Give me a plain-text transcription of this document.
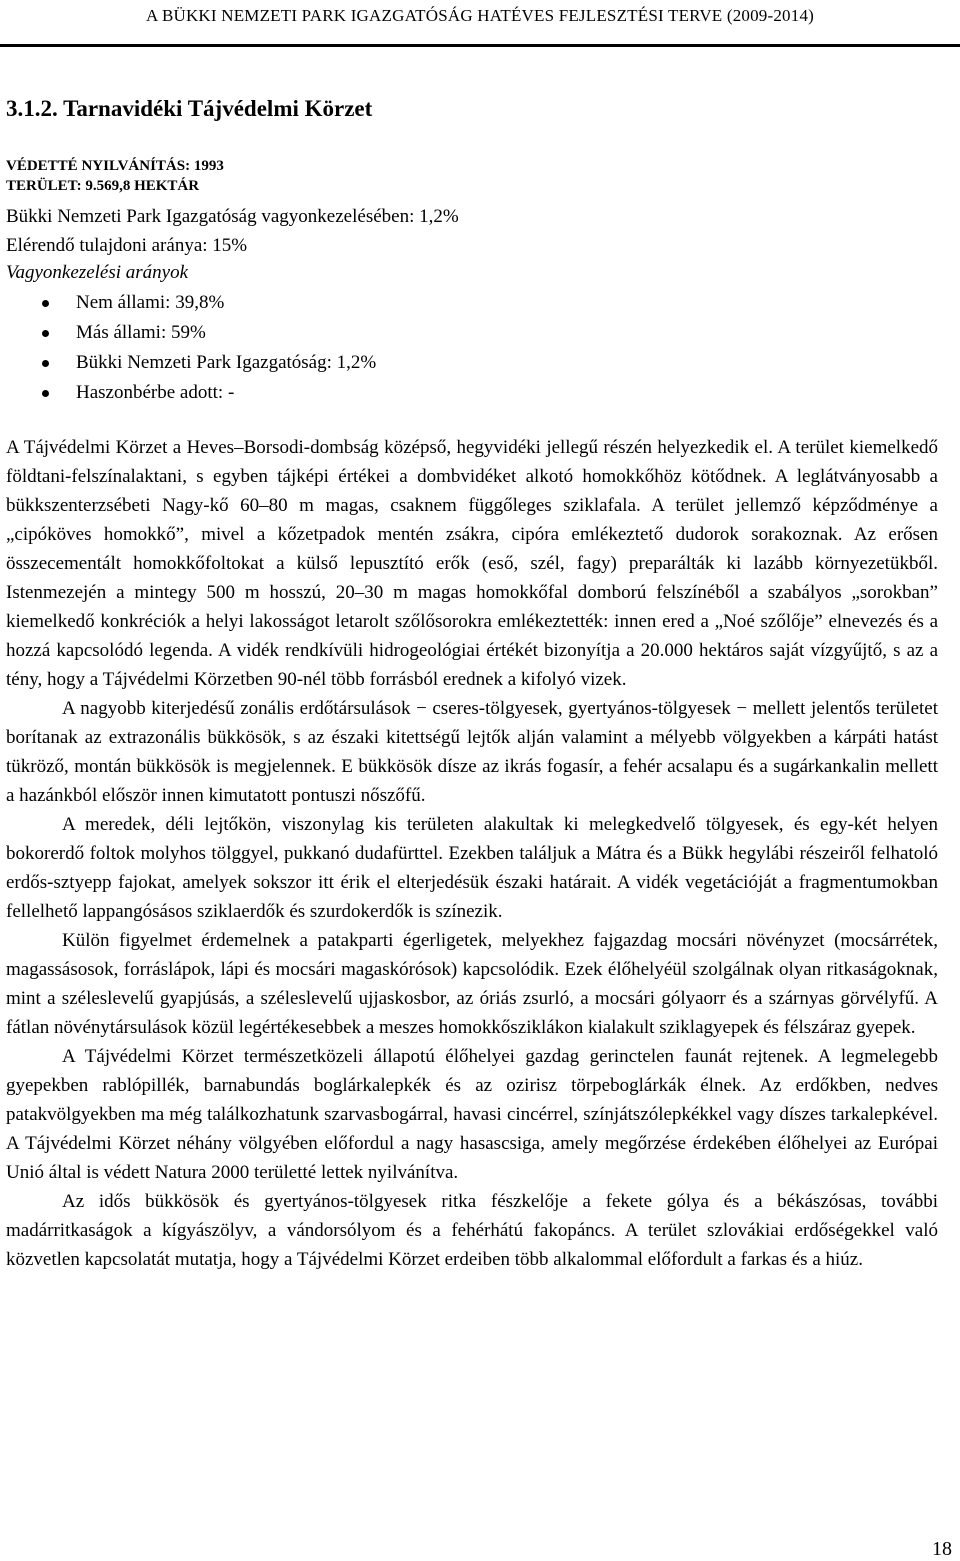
A BÜKKI NEMZETI PARK IGAZGATÓSÁG HATÉVES FEJLESZTÉSI TERVE (2009-2014)
3.1.2. Tarnavidéki Tájvédelmi Körzet
VÉDETTÉ NYILVÁNÍTÁS: 1993
TERÜLET: 9.569,8 HEKTÁR
Bükki Nemzeti Park Igazgatóság vagyonkezelésében: 1,2%
Elérendő tulajdoni aránya: 15%
Vagyonkezelési arányok
Nem állami: 39,8%
Más állami: 59%
Bükki Nemzeti Park Igazgatóság: 1,2%
Haszonbérbe adott: -

A Tájvédelmi Körzet a Heves–Borsodi-dombság középső, hegyvidéki jellegű részén helyezkedik el. A terület kiemelkedő földtani-felszínalaktani, s egyben tájképi értékei a dombvidéket alkotó homokkőhöz kötődnek. A leglátványosabb a bükkszenterzsébeti Nagy-kő 60–80 m magas, csaknem függőleges sziklafala. A terület jellemző képződménye a „cipóköves homokkő”, mivel a kőzetpadok mentén zsákra, cipóra emlékeztető dudorok sorakoznak. Az erősen összecementált homokkőfoltokat a külső lepusztító erők (eső, szél, fagy) preparálták ki lazább környezetükből. Istenmezején a mintegy 500 m hosszú, 20–30 m magas homokkőfal domború felszínéből a szabályos „sorokban” kiemelkedő konkréciók a helyi lakosságot letarolt szőlősorokra emlékeztették: innen ered a „Noé szőlője” elnevezés és a hozzá kapcsolódó legenda. A vidék rendkívüli hidrogeológiai értékét bizonyítja a 20.000 hektáros saját vízgyűjtő, s az a tény, hogy a Tájvédelmi Körzetben 90-nél több forrásból erednek a kifolyó vizek.

A nagyobb kiterjedésű zonális erdőtársulások − cseres-tölgyesek, gyertyános-tölgyesek − mellett jelentős területet borítanak az extrazonális bükkösök, s az északi kitettségű lejtők alján valamint a mélyebb völgyekben a kárpáti hatást tükröző, montán bükkösök is megjelennek. E bükkösök dísze az ikrás fogasír, a fehér acsalapu és a sugárkankalin mellett a hazánkból először innen kimutatott pontuszi nőszőfű.

A meredek, déli lejtőkön, viszonylag kis területen alakultak ki melegkedvelő tölgyesek, és egy-két helyen bokorerdő foltok molyhos tölggyel, pukkanó dudafürttel. Ezekben találjuk a Mátra és a Bükk hegylábi részeiről felhatoló erdős-sztyepp fajokat, amelyek sokszor itt érik el elterjedésük északi határait. A vidék vegetációját a fragmentumokban fellelhető lappangósásos sziklaerdők és szurdokerdők is színezik.

Külön figyelmet érdemelnek a patakparti égerligetek, melyekhez fajgazdag mocsári növényzet (mocsárrétek, magassásosok, forráslápok, lápi és mocsári magaskórósok) kapcsolódik. Ezek élőhelyéül szolgálnak olyan ritkaságoknak, mint a széleslevelű gyapjúsás, a széleslevelű ujjaskosbor, az óriás zsurló, a mocsári gólyaorr és a szárnyas görvélyfű. A fátlan növénytársulások közül legértékesebbek a meszes homokkősziklákon kialakult sziklagyepek és félszáraz gyepek.

A Tájvédelmi Körzet természetközeli állapotú élőhelyei gazdag gerinctelen faunát rejtenek. A legmelegebb gyepekben rablópillék, barnabundás boglárkalepkék és az ozirisz törpeboglárkák élnek. Az erdőkben, nedves patakvölgyekben ma még találkozhatunk szarvasbogárral, havasi cincérrel, színjátszólepkékkel vagy díszes tarkalepkével. A Tájvédelmi Körzet néhány völgyében előfordul a nagy hasascsiga, amely megőrzése érdekében élőhelyei az Európai Unió által is védett Natura 2000 területté lettek nyilvánítva.

Az idős bükkösök és gyertyános-tölgyesek ritka fészkelője a fekete gólya és a békászósas, további madárritkaságok a kígyászölyv, a vándorsólyom és a fehérhátú fakopáncs. A terület szlovákiai erdőségekkel való közvetlen kapcsolatát mutatja, hogy a Tájvédelmi Körzet erdeiben több alkalommal előfordult a farkas és a hiúz.

18
